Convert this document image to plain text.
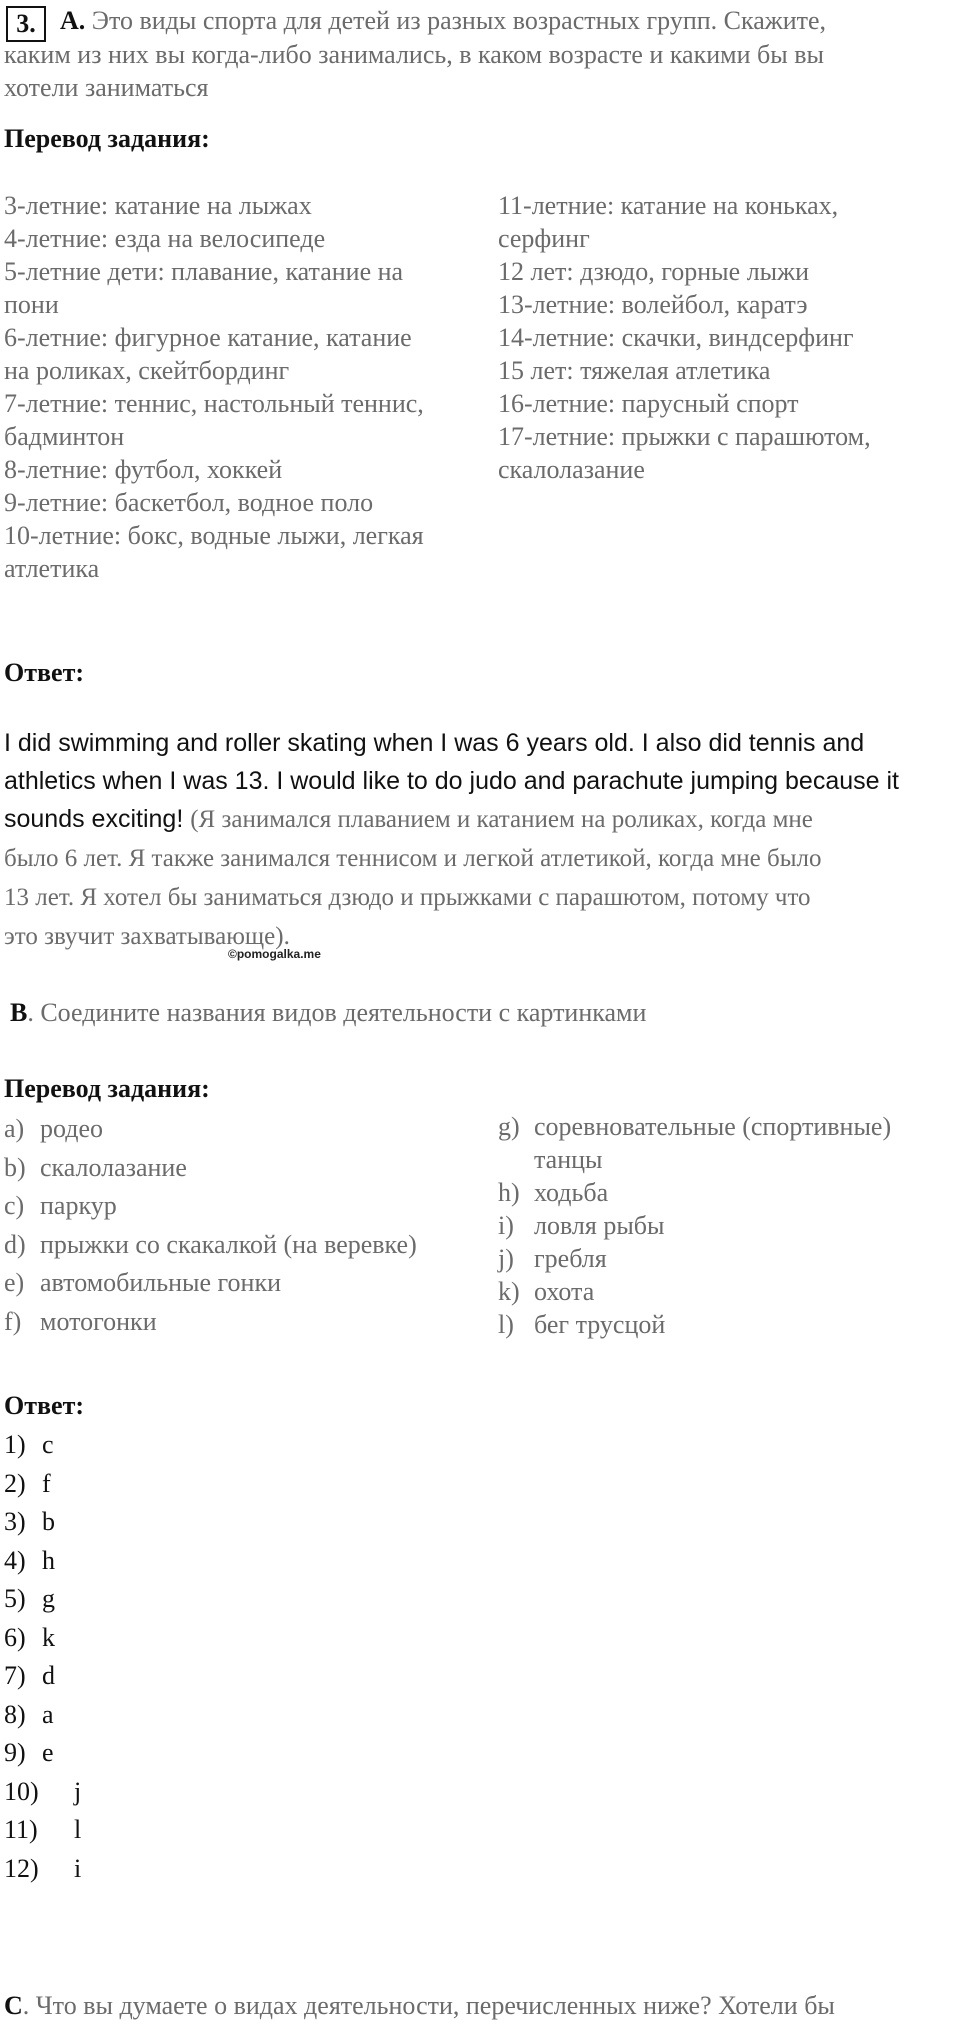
3. A. Это виды спорта для детей из разных возрастных групп. Скажите,
каким из них вы когда-либо занимались, в каком возрасте и какими бы вы
хотели заниматься
Перевод задания:
3-летние: катание на лыжах
4-летние: езда на велосипеде
5-летние дети: плавание, катание на
пони
6-летние: фигурное катание, катание
на роликах, скейтбординг
7-летние: теннис, настольный теннис,
бадминтон
8-летние: футбол, хоккей
9-летние: баскетбол, водное поло
10-летние: бокс, водные лыжи, легкая
атлетика
11-летние: катание на коньках,
серфинг
12 лет: дзюдо, горные лыжи
13-летние: волейбол, каратэ
14-летние: скачки, виндсерфинг
15 лет: тяжелая атлетика
16-летние: парусный спорт
17-летние: прыжки с парашютом,
скалолазание
Ответ:
I did swimming and roller skating when I was 6 years old. I also did tennis and
athletics when I was 13. I would like to do judo and parachute jumping because it
sounds exciting! (Я занимался плаванием и катанием на роликах, когда мне
было 6 лет. Я также занимался теннисом и легкой атлетикой, когда мне было
13 лет. Я хотел бы заниматься дзюдо и прыжками с парашютом, потому что
это звучит захватывающе).
©pomogalka.me
B. Соедините названия видов деятельности с картинками
Перевод задания:
a) родео
b) скалолазание
c) паркур
d) прыжки со скакалкой (на веревке)
e) автомобильные гонки
f) мотогонки
g) соревновательные (спортивные)
танцы
h) ходьба
i) ловля рыбы
j) гребля
k) охота
l) бег трусцой
Ответ:
1) c
2) f
3) b
4) h
5) g
6) k
7) d
8) a
9) e
10) j
11) l
12) i
C. Что вы думаете о видах деятельности, перечисленных ниже? Хотели бы
